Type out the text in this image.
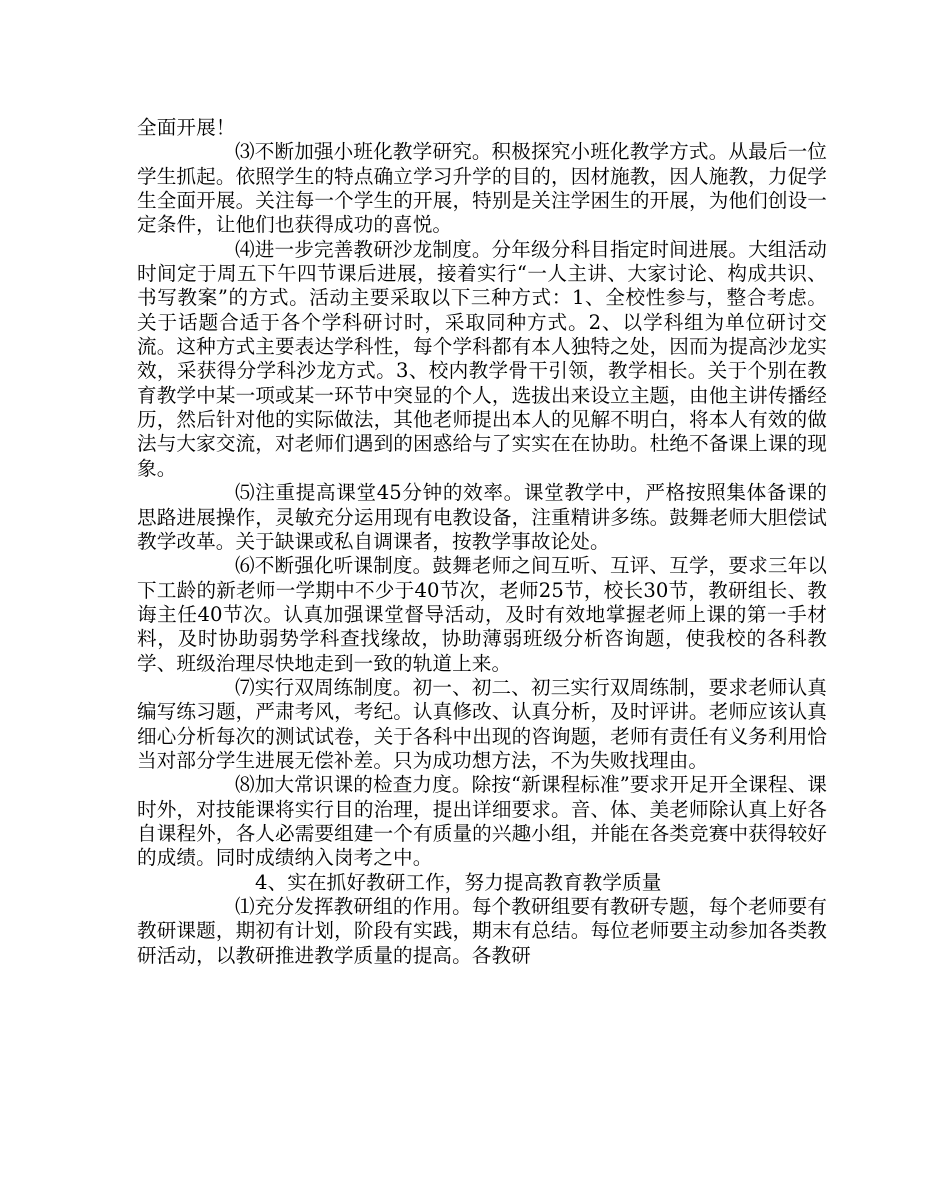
全面开展！

⑶不断加强小班化教学研究。积极探究小班化教学方式。从最后一位学生抓起。依照学生的特点确立学习升学的目的，因材施教，因人施教，力促学生全面开展。关注每一个学生的开展，特别是关注学困生的开展，为他们创设一定条件，让他们也获得成功的喜悦。

⑷进一步完善教研沙龙制度。分年级分科目指定时间进展。大组活动时间定于周五下午四节课后进展，接着实行“一人主讲、大家讨论、构成共识、书写教案”的方式。活动主要采取以下三种方式：1、全校性参与，整合考虑。关于话题合适于各个学科研讨时，采取同种方式。2、以学科组为单位研讨交流。这种方式主要表达学科性，每个学科都有本人独特之处，因而为提高沙龙实效，采获得分学科沙龙方式。3、校内教学骨干引领，教学相长。关于个别在教育教学中某一项或某一环节中突显的个人，选拔出来设立主题，由他主讲传播经历，然后针对他的实际做法，其他老师提出本人的见解不明白，将本人有效的做法与大家交流，对老师们遇到的困惑给与了实实在在协助。杜绝不备课上课的现象。

⑸注重提高课堂45分钟的效率。课堂教学中，严格按照集体备课的思路进展操作，灵敏充分运用现有电教设备，注重精讲多练。鼓舞老师大胆偿试教学改革。关于缺课或私自调课者，按教学事故论处。

⑹不断强化听课制度。鼓舞老师之间互听、互评、互学，要求三年以下工龄的新老师一学期中不少于40节次，老师25节，校长30节，教研组长、教诲主任40节次。认真加强课堂督导活动，及时有效地掌握老师上课的第一手材料，及时协助弱势学科查找缘故，协助薄弱班级分析咨询题，使我校的各科教学、班级治理尽快地走到一致的轨道上来。

⑺实行双周练制度。初一、初二、初三实行双周练制，要求老师认真编写练习题，严肃考风，考纪。认真修改、认真分析，及时评讲。老师应该认真细心分析每次的测试试卷，关于各科中出现的咨询题，老师有责任有义务利用恰当对部分学生进展无偿补差。只为成功想方法，不为失败找理由。

⑻加大常识课的检查力度。除按“新课程标准”要求开足开全课程、课时外，对技能课将实行目的治理，提出详细要求。音、体、美老师除认真上好各自课程外，各人必需要组建一个有质量的兴趣小组，并能在各类竞赛中获得较好的成绩。同时成绩纳入岗考之中。

4、实在抓好教研工作，努力提高教育教学质量

⑴充分发挥教研组的作用。每个教研组要有教研专题，每个老师要有教研课题，期初有计划，阶段有实践，期末有总结。每位老师要主动参加各类教研活动，以教研推进教学质量的提高。各教研
